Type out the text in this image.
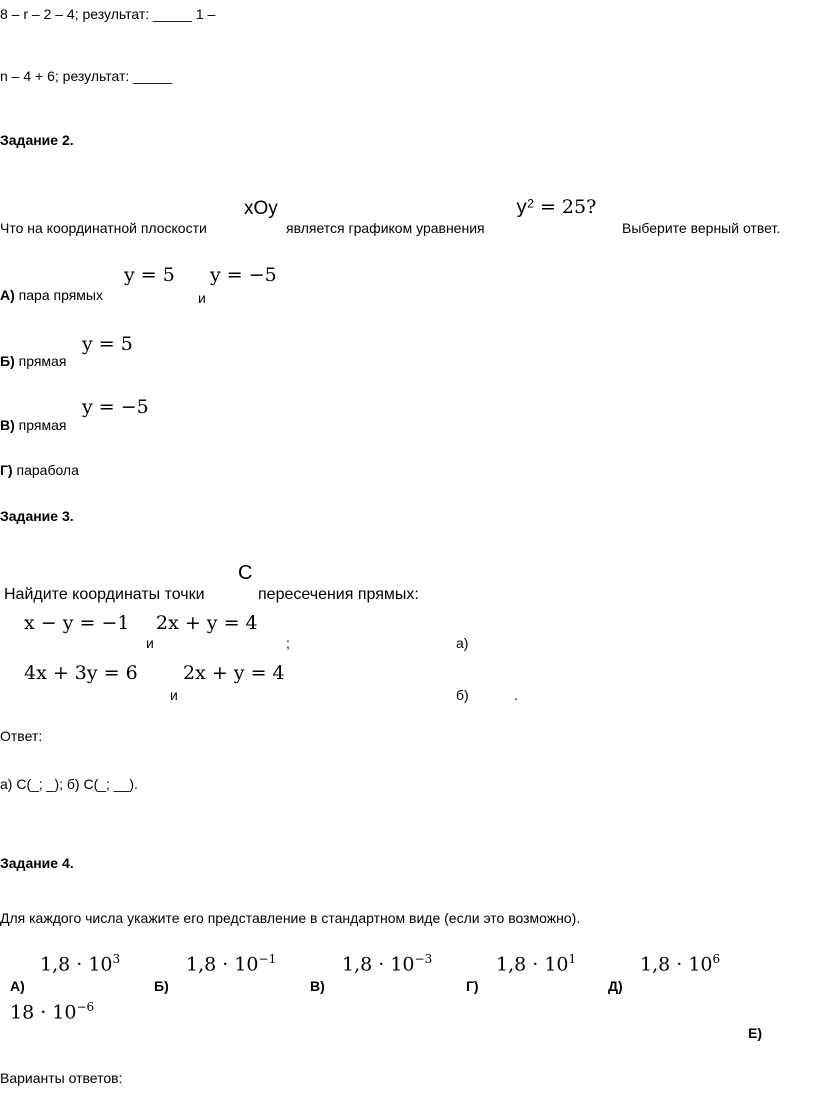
8 – r – 2 – 4; результат: _____ 1 –
n – 4 + 6; результат: _____
Задание 2.
Что на координатной плоскости
xOy
является графиком уравнения
$y^2 = 25$?
Выберите верный ответ.
А) пара прямых
y = 5
и
y = −5
Б) прямая
y = 5
В) прямая
y = −5
Г) парабола
Задание 3.
C
Найдите координаты точки	пересечения прямых:
x − y = −1
и
2x + y = 4
;	а)
4x + 3y = 6
и
2x + y = 4
б)	.
Ответ:
а) C(_; _); б) C(_; __).
Задание 4.
Для каждого числа укажите его представление в стандартном виде (если это возможно).
А)
$1,8 \cdot 10^3$
Б)
$1,8 \cdot 10^{-1}$
В)
$1,8 \cdot 10^{-3}$
Г)
$1,8 \cdot 10^1$
Д)
$1,8 \cdot 10^6$
$18 \cdot 10^{-6}$
Е)
Варианты ответов:
